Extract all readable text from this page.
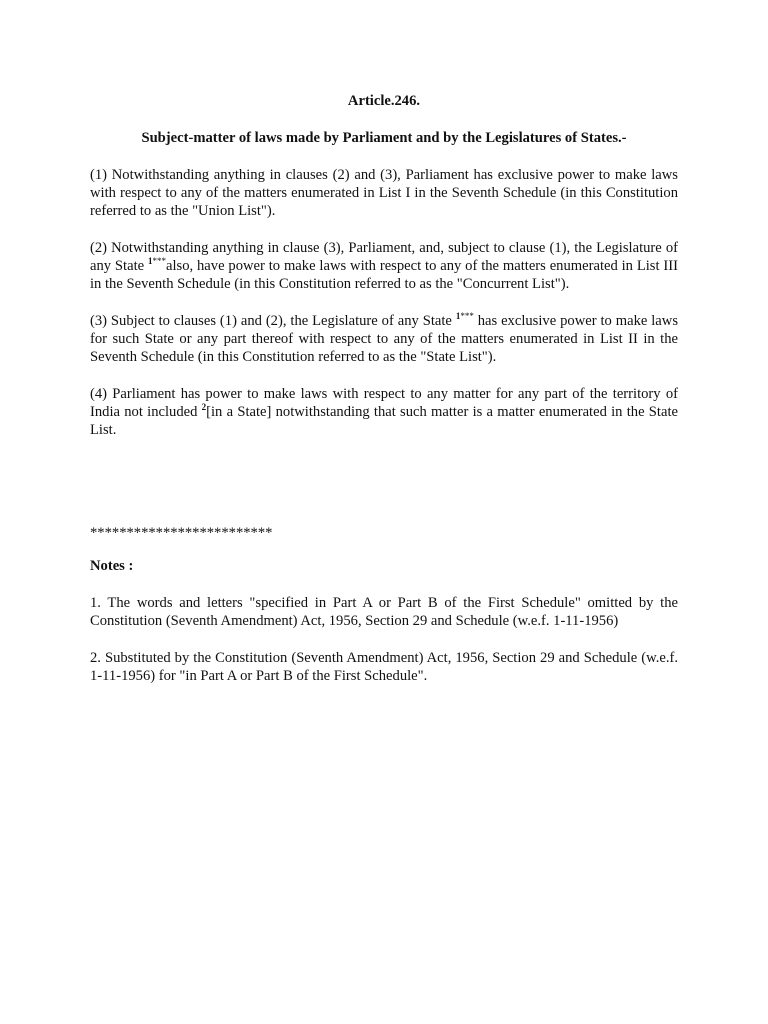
Article.246.

Subject-matter of laws made by Parliament and by the Legislatures of States.-

(1) Notwithstanding anything in clauses (2) and (3), Parliament has exclusive power to make laws with respect to any of the matters enumerated in List I in the Seventh Schedule (in this Constitution referred to as the "Union List").

(2) Notwithstanding anything in clause (3), Parliament, and, subject to clause (1), the Legislature of any State $^{1***}$also, have power to make laws with respect to any of the matters enumerated in List III in the Seventh Schedule (in this Constitution referred to as the "Concurrent List").

(3) Subject to clauses (1) and (2), the Legislature of any State $^{1***}$ has exclusive power to make laws for such State or any part thereof with respect to any of the matters enumerated in List II in the Seventh Schedule (in this Constitution referred to as the "State List").

(4) Parliament has power to make laws with respect to any matter for any part of the territory of India not included $^2$[in a State] notwithstanding that such matter is a matter enumerated in the State List.

*************************

Notes :

1. The words and letters "specified in Part A or Part B of the First Schedule" omitted by the Constitution (Seventh Amendment) Act, 1956, Section 29 and Schedule (w.e.f. 1-11-1956)

2. Substituted by the Constitution (Seventh Amendment) Act, 1956, Section 29 and Schedule (w.e.f. 1-11-1956) for "in Part A or Part B of the First Schedule".
